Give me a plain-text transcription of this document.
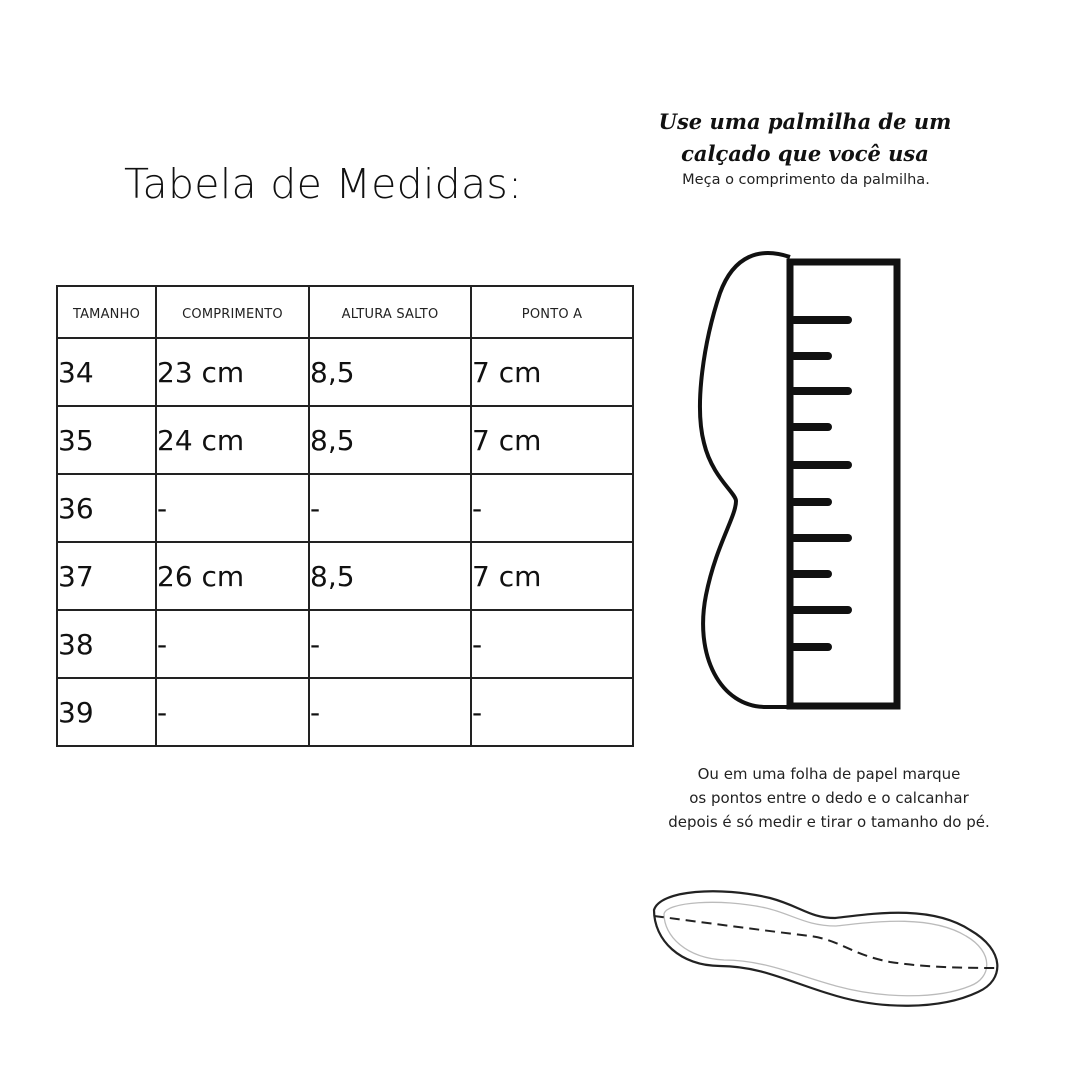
Tabela de Medidas:
TAMANHO	COMPRIMENTO	ALTURA SALTO	PONTO A
34	23 cm	8,5	7 cm
35	24 cm	8,5	7 cm
36	-	-	-
37	26 cm	8,5	7 cm
38	-	-	-
39	-	-	-
Use uma palmilha de um
calçado que você usa
Meça o comprimento da palmilha.
Ou em uma folha de papel marque
os pontos entre o dedo e o calcanhar
depois é só medir e tirar o tamanho do pé.
